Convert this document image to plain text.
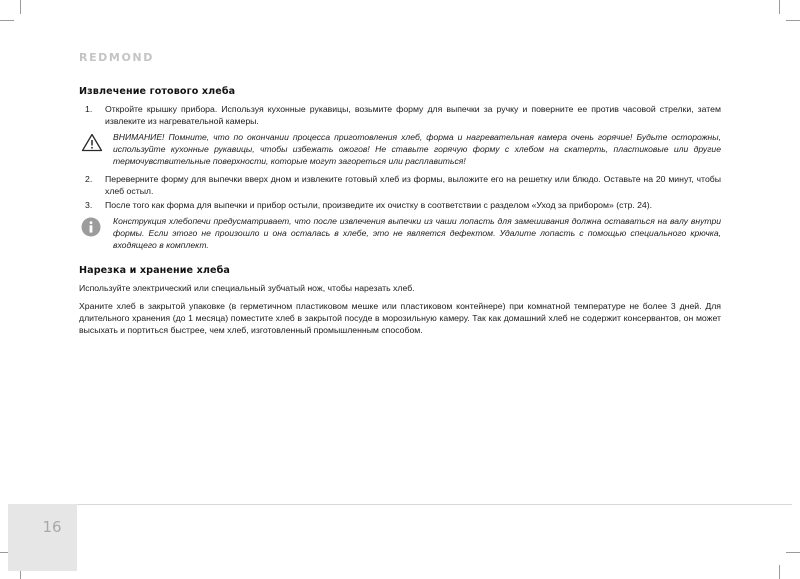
REDMOND
Извлечение готового хлеба
1.	Откройте крышку прибора. Используя кухонные рукавицы, возьмите форму для выпечки за ручку и поверните ее против часовой стрелки, затем извлеките из нагревательной камеры.
ВНИМАНИЕ! Помните, что по окончании процесса приготовления хлеб, форма и нагревательная камера очень горячие! Будьте осторожны, используйте кухонные рукавицы, чтобы избежать ожогов! Не ставьте горячую форму с хлебом на скатерть, пластиковые или другие термочувствительные поверхности, которые могут загореться или расплавиться!
2.	Переверните форму для выпечки вверх дном и извлеките готовый хлеб из формы, выложите его на решетку или блюдо. Оставьте на 20 минут, чтобы хлеб остыл.
3.	После того как форма для выпечки и прибор остыли, произведите их очистку в соответствии с разделом «Уход за прибором» (стр. 24).
Конструкция хлебопечи предусматривает, что после извлечения выпечки из чаши лопасть для замешивания должна оставаться на валу внутри формы. Если этого не произошло и она осталась в хлебе, это не является дефектом. Удалите лопасть с помощью специального крючка, входящего в комплект.
Нарезка и хранение хлеба

Используйте электрический или специальный зубчатый нож, чтобы нарезать хлеб.

Храните хлеб в закрытой упаковке (в герметичном пластиковом мешке или пластиковом контейнере) при комнатной температуре не более 3 дней. Для длительного хранения (до 1 месяца) поместите хлеб в закрытой посуде в морозильную камеру. Так как домашний хлеб не содержит консервантов, он может высыхать и портиться быстрее, чем хлеб, изготовленный промышленным способом.

16
